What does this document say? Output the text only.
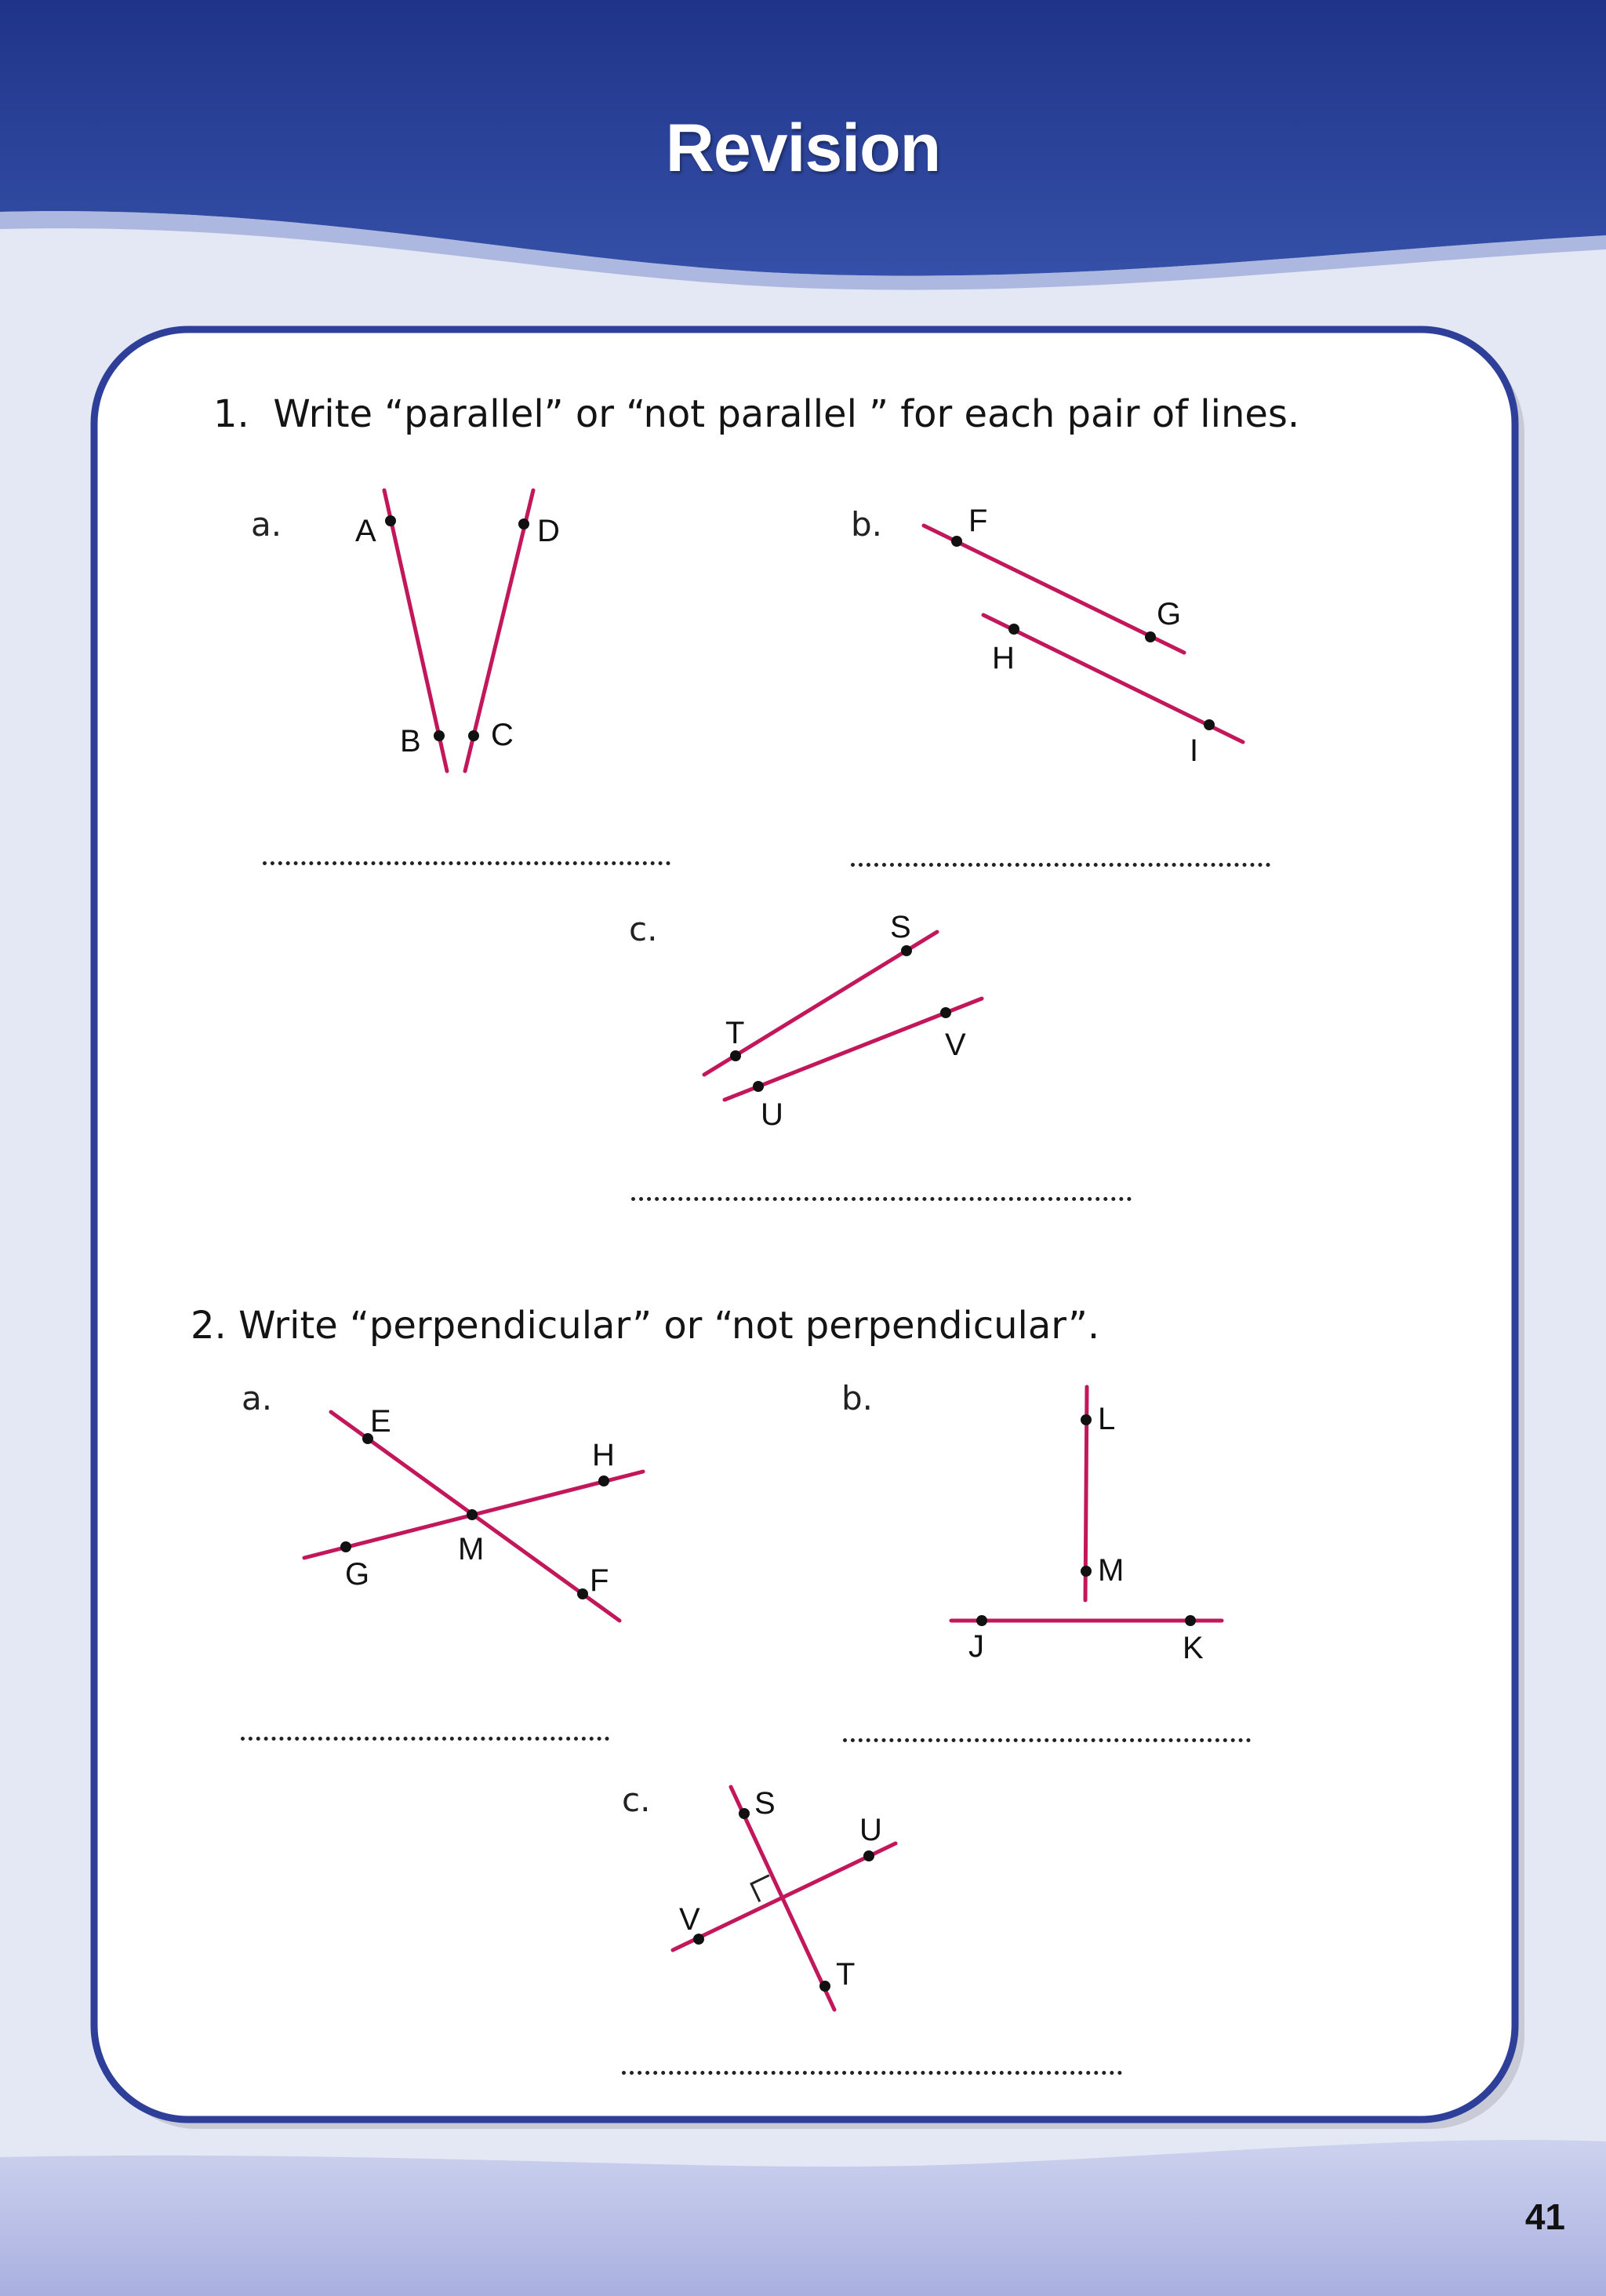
Revision
1. Write “parallel” or “not parallel ” for each pair of lines.
a.	b.
c.
A
B C
D	F
G
H
I
S
T
U
V
2. Write “perpendicular” or “not perpendicular”.
a.	b.
c.
E
F
G
H
M
L
M
J	K
S
T
U
V
41
